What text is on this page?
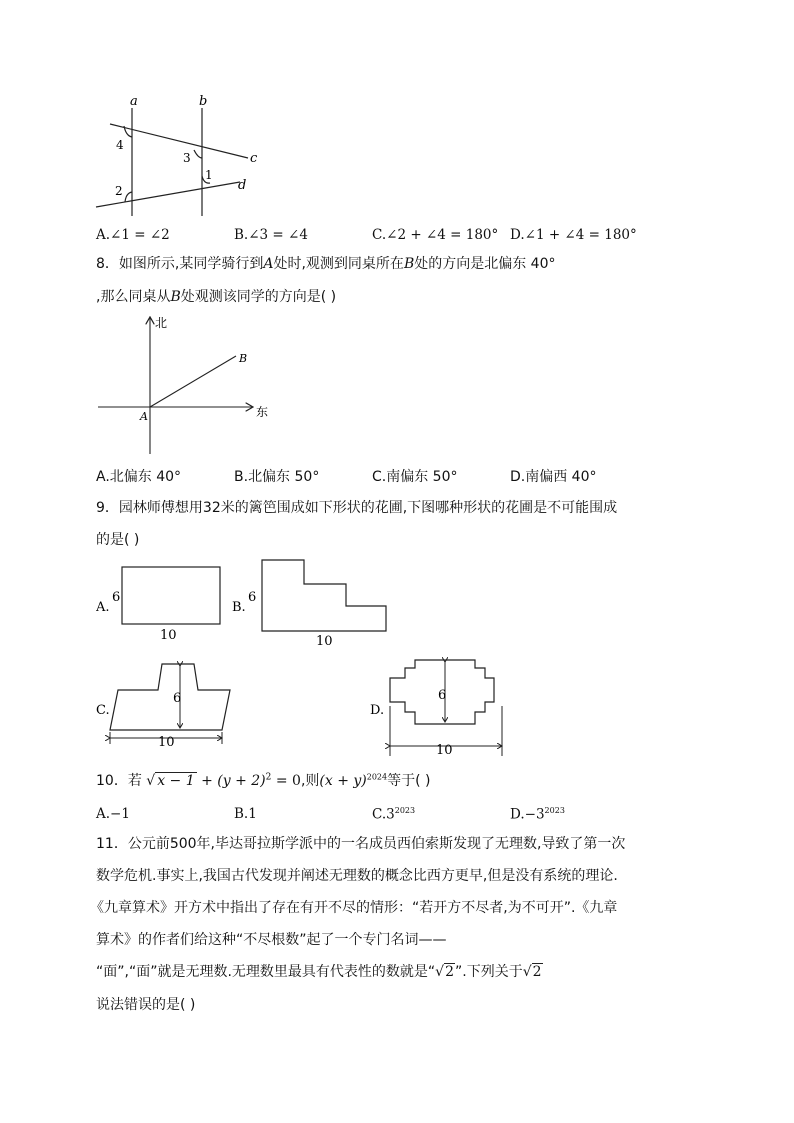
a	b
c
d
4
3
2
1
A.∠1 = ∠2	B.∠3 = ∠4	C.∠2 + ∠4 = 180° D.∠1 + ∠4 = 180°
8．如图所示,某同学骑行到A处时,观测到同桌所在B处的方向是北偏东 40°
,那么同桌从B处观测该同学的方向是( )
北
东
A
B
A.北偏东 40°	B.北偏东 50°	C.南偏东 50°	D.南偏西 40°
9．园林师傅想用32米的篱笆围成如下形状的花圃,下图哪种形状的花圃是不可能围成
的是( )
A.
6
10
B.
6
10
C.
6
10
D.
6
10
10．若 √ $x - 1 + (y + 2)^2 = 0$,则$(x + y)^{2024}$等于( )
A.−1	B.1	$C.3^{2023}$	$D.-3^{2023}$
11．公元前500年,毕达哥拉斯学派中的一名成员西伯索斯发现了无理数,导致了第一次
数学危机.事实上,我国古代发现并阐述无理数的概念比西方更早,但是没有系统的理论.
《九章算术》开方术中指出了存在有开不尽的情形：“若开方不尽者,为不可开”.《九章
算术》的作者们给这种“不尽根数”起了一个专门名词——
“面”,“面”就是无理数.无理数里最具有代表性的数就是“√2”.下列关于√2
说法错误的是( )
